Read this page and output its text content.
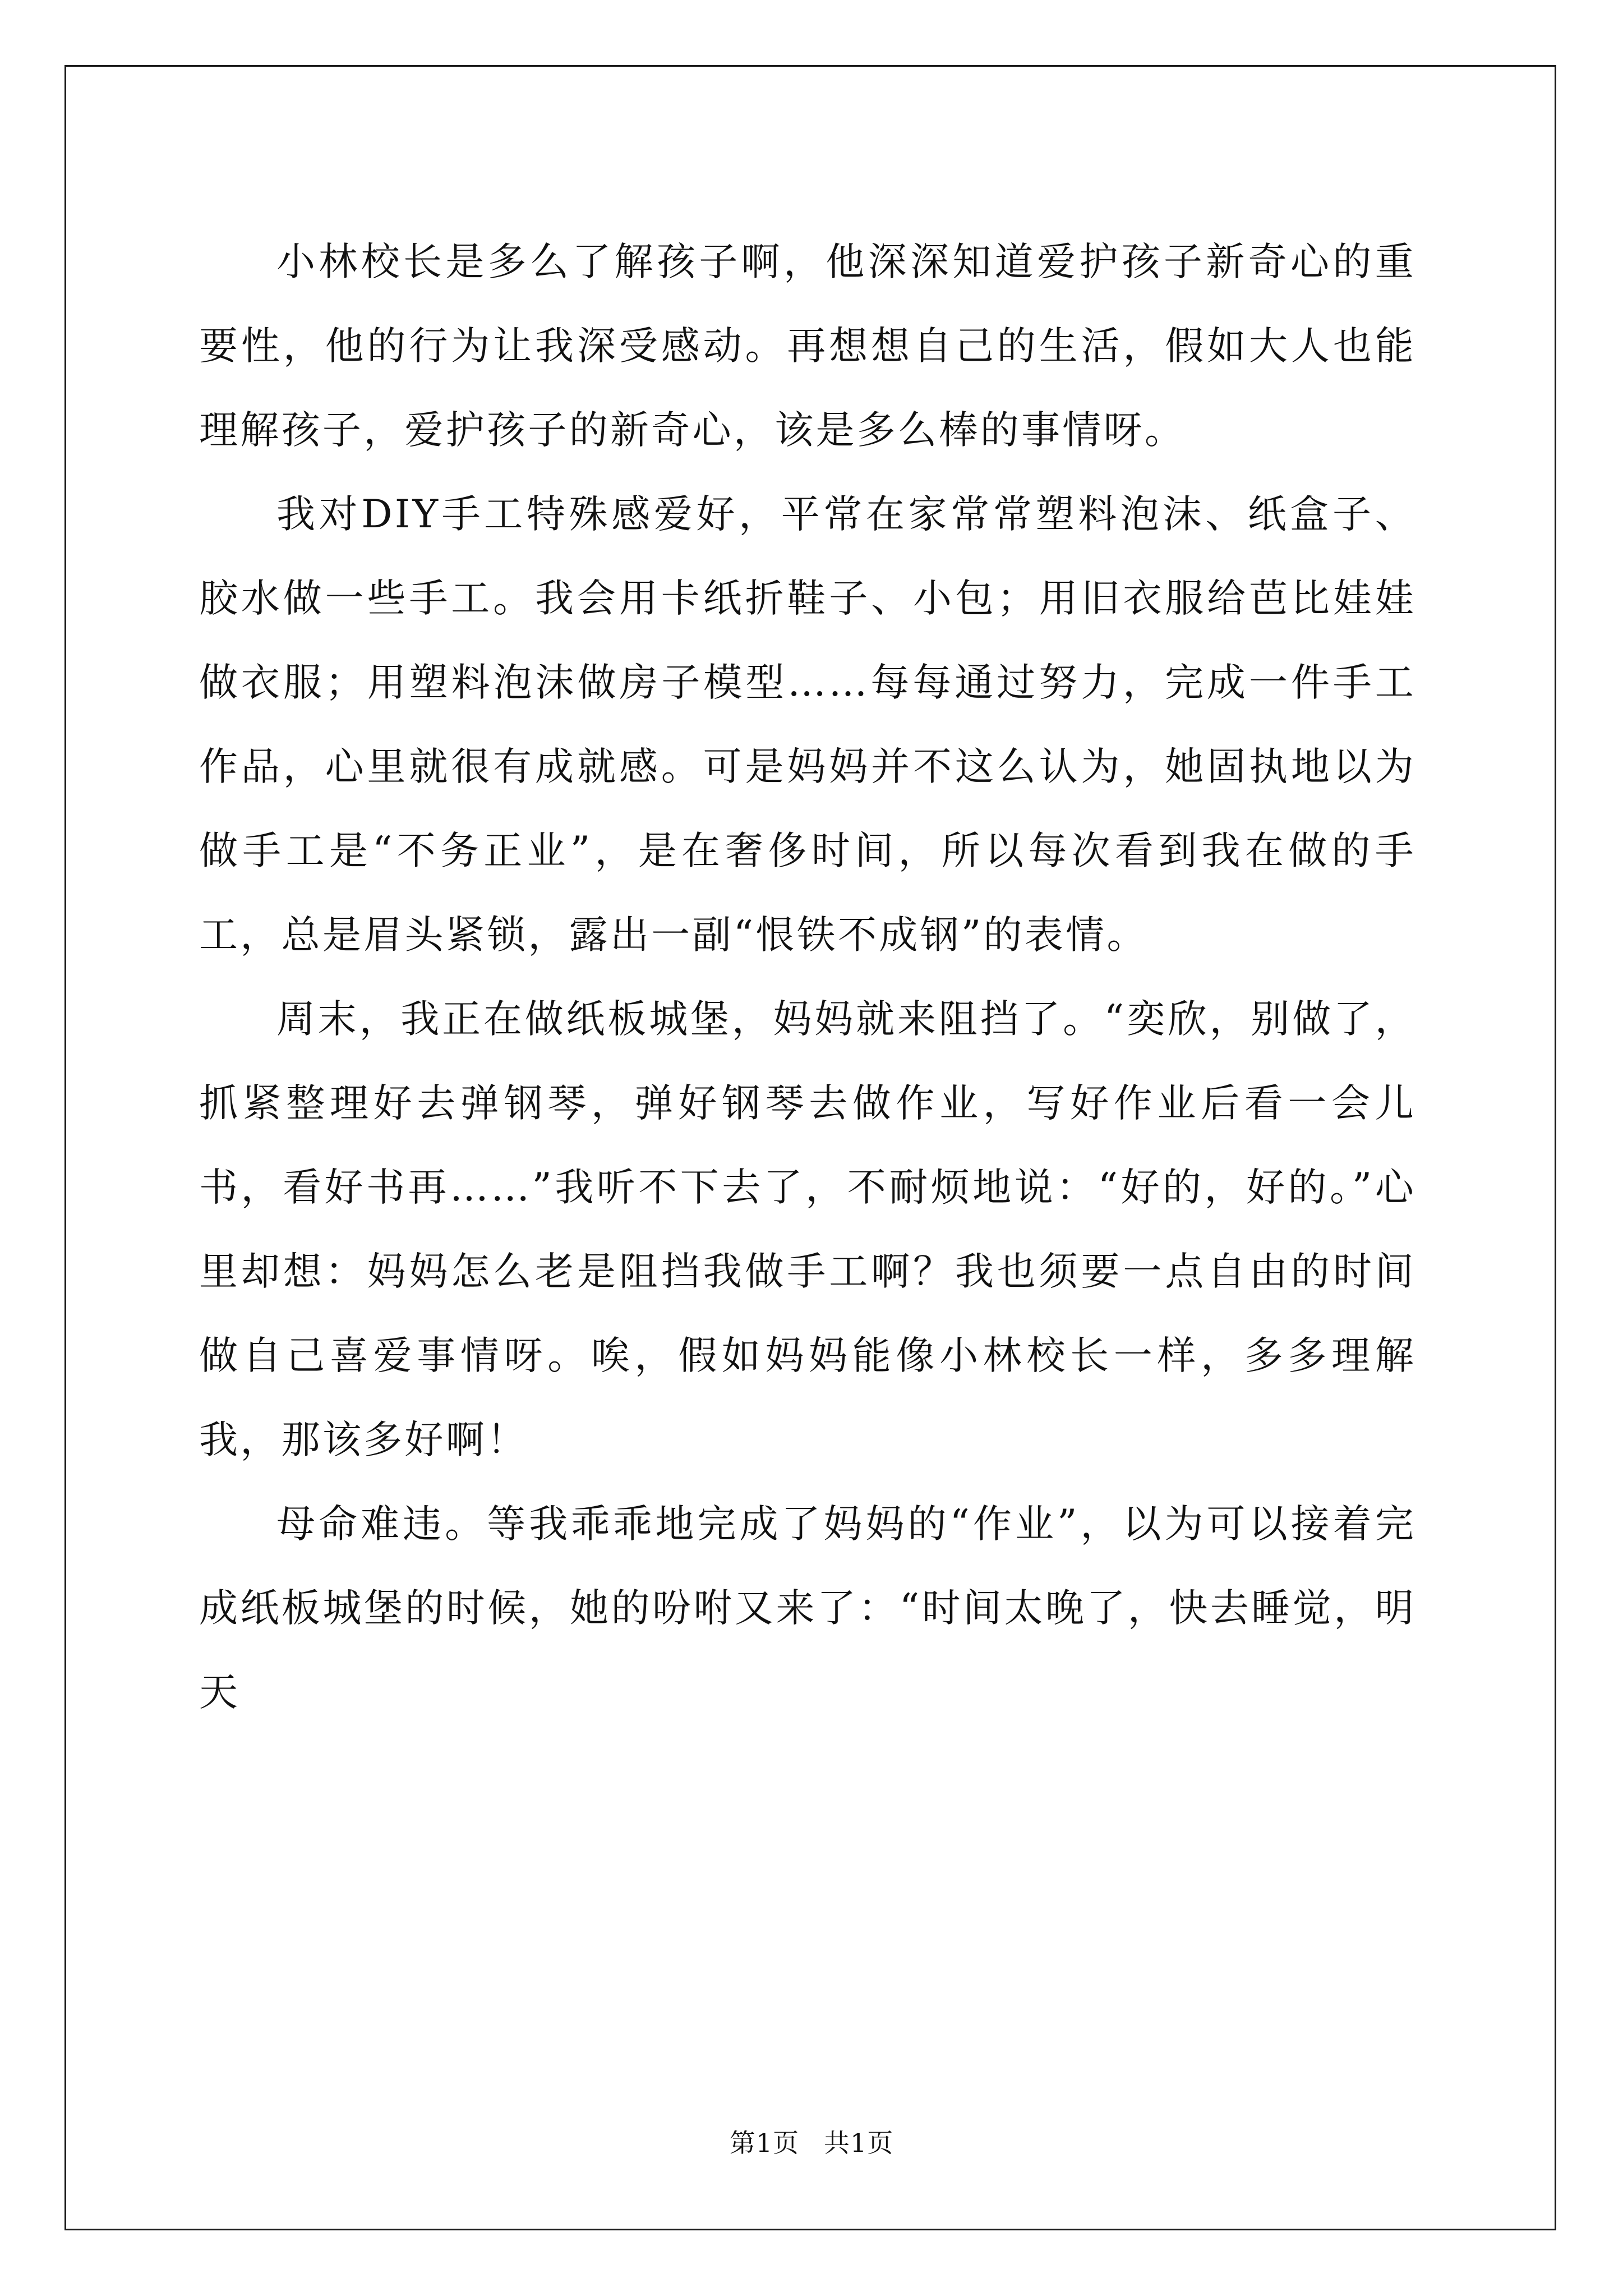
小林校长是多么了解孩子啊，他深深知道爱护孩子新奇心的重要性，他的行为让我深受感动。再想想自己的生活，假如大人也能理解孩子，爱护孩子的新奇心，该是多么棒的事情呀。

我对DIY手工特殊感爱好，平常在家常常塑料泡沫、纸盒子、胶水做一些手工。我会用卡纸折鞋子、小包；用旧衣服给芭比娃娃做衣服；用塑料泡沫做房子模型……每每通过努力，完成一件手工作品，心里就很有成就感。可是妈妈并不这么认为，她固执地以为做手工是“不务正业”，是在奢侈时间，所以每次看到我在做的手工，总是眉头紧锁，露出一副“恨铁不成钢”的表情。

周末，我正在做纸板城堡，妈妈就来阻挡了。“奕欣，别做了，抓紧整理好去弹钢琴，弹好钢琴去做作业，写好作业后看一会儿书，看好书再……”我听不下去了，不耐烦地说：“好的，好的。”心里却想：妈妈怎么老是阻挡我做手工啊？我也须要一点自由的时间做自己喜爱事情呀。唉，假如妈妈能像小林校长一样，多多理解我，那该多好啊！

母命难违。等我乖乖地完成了妈妈的“作业”，以为可以接着完成纸板城堡的时候，她的吩咐又来了：“时间太晚了，快去睡觉，明天

第1页 共1页
